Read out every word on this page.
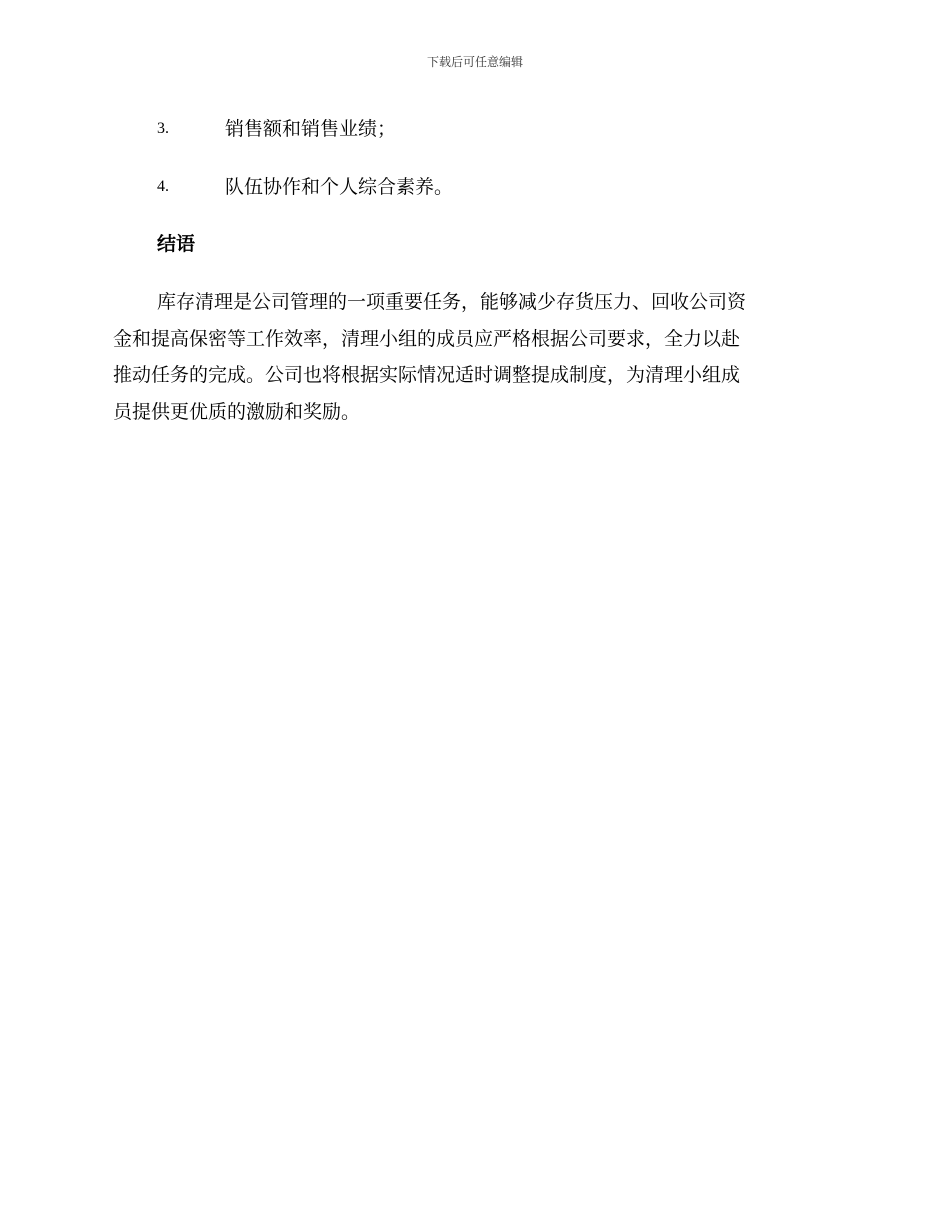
下载后可任意编辑
3.	销售额和销售业绩；
4.	队伍协作和个人综合素养。
结语
库存清理是公司管理的一项重要任务，能够减少存货压力、回收公司资
金和提高保密等工作效率，清理小组的成员应严格根据公司要求，全力以赴
推动任务的完成。公司也将根据实际情况适时调整提成制度，为清理小组成
员提供更优质的激励和奖励。
